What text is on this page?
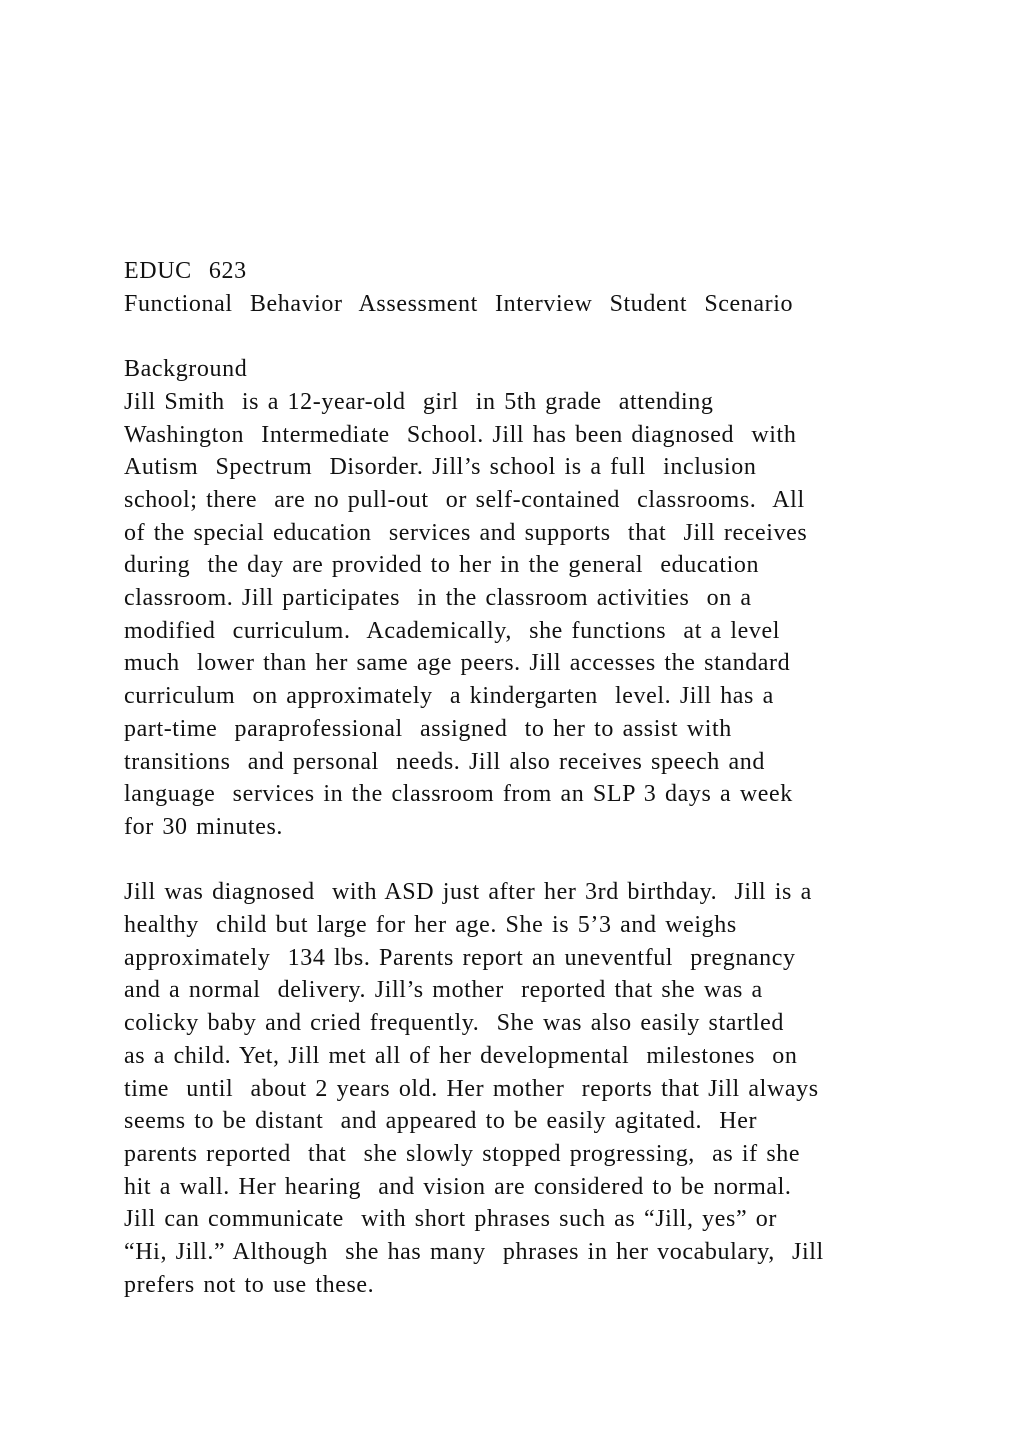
EDUC  623
Functional  Behavior  Assessment  Interview  Student  Scenario
Background
Jill Smith  is a 12-year-old  girl  in 5th grade  attending
Washington  Intermediate  School. Jill has been diagnosed  with
Autism  Spectrum  Disorder. Jill’s school is a full  inclusion
school; there  are no pull-out  or self-contained  classrooms.  All
of the special education  services and supports  that  Jill receives
during  the day are provided to her in the general  education
classroom. Jill participates  in the classroom activities  on a
modified  curriculum.  Academically,  she functions  at a level
much  lower than her same age peers. Jill accesses the standard
curriculum  on approximately  a kindergarten  level. Jill has a
part-time  paraprofessional  assigned  to her to assist with
transitions  and personal  needs. Jill also receives speech and
language  services in the classroom from an SLP 3 days a week
for 30 minutes.
Jill was diagnosed  with ASD just after her 3rd birthday.  Jill is a
healthy  child but large for her age. She is 5’3 and weighs
approximately  134 lbs. Parents report an uneventful  pregnancy
and a normal  delivery. Jill’s mother  reported that she was a
colicky baby and cried frequently.  She was also easily startled
as a child. Yet, Jill met all of her developmental  milestones  on
time  until  about 2 years old. Her mother  reports that Jill always
seems to be distant  and appeared to be easily agitated.  Her
parents reported  that  she slowly stopped progressing,  as if she
hit a wall. Her hearing  and vision are considered to be normal.
Jill can communicate  with short phrases such as “Jill, yes” or
“Hi, Jill.” Although  she has many  phrases in her vocabulary,  Jill
prefers not to use these.
